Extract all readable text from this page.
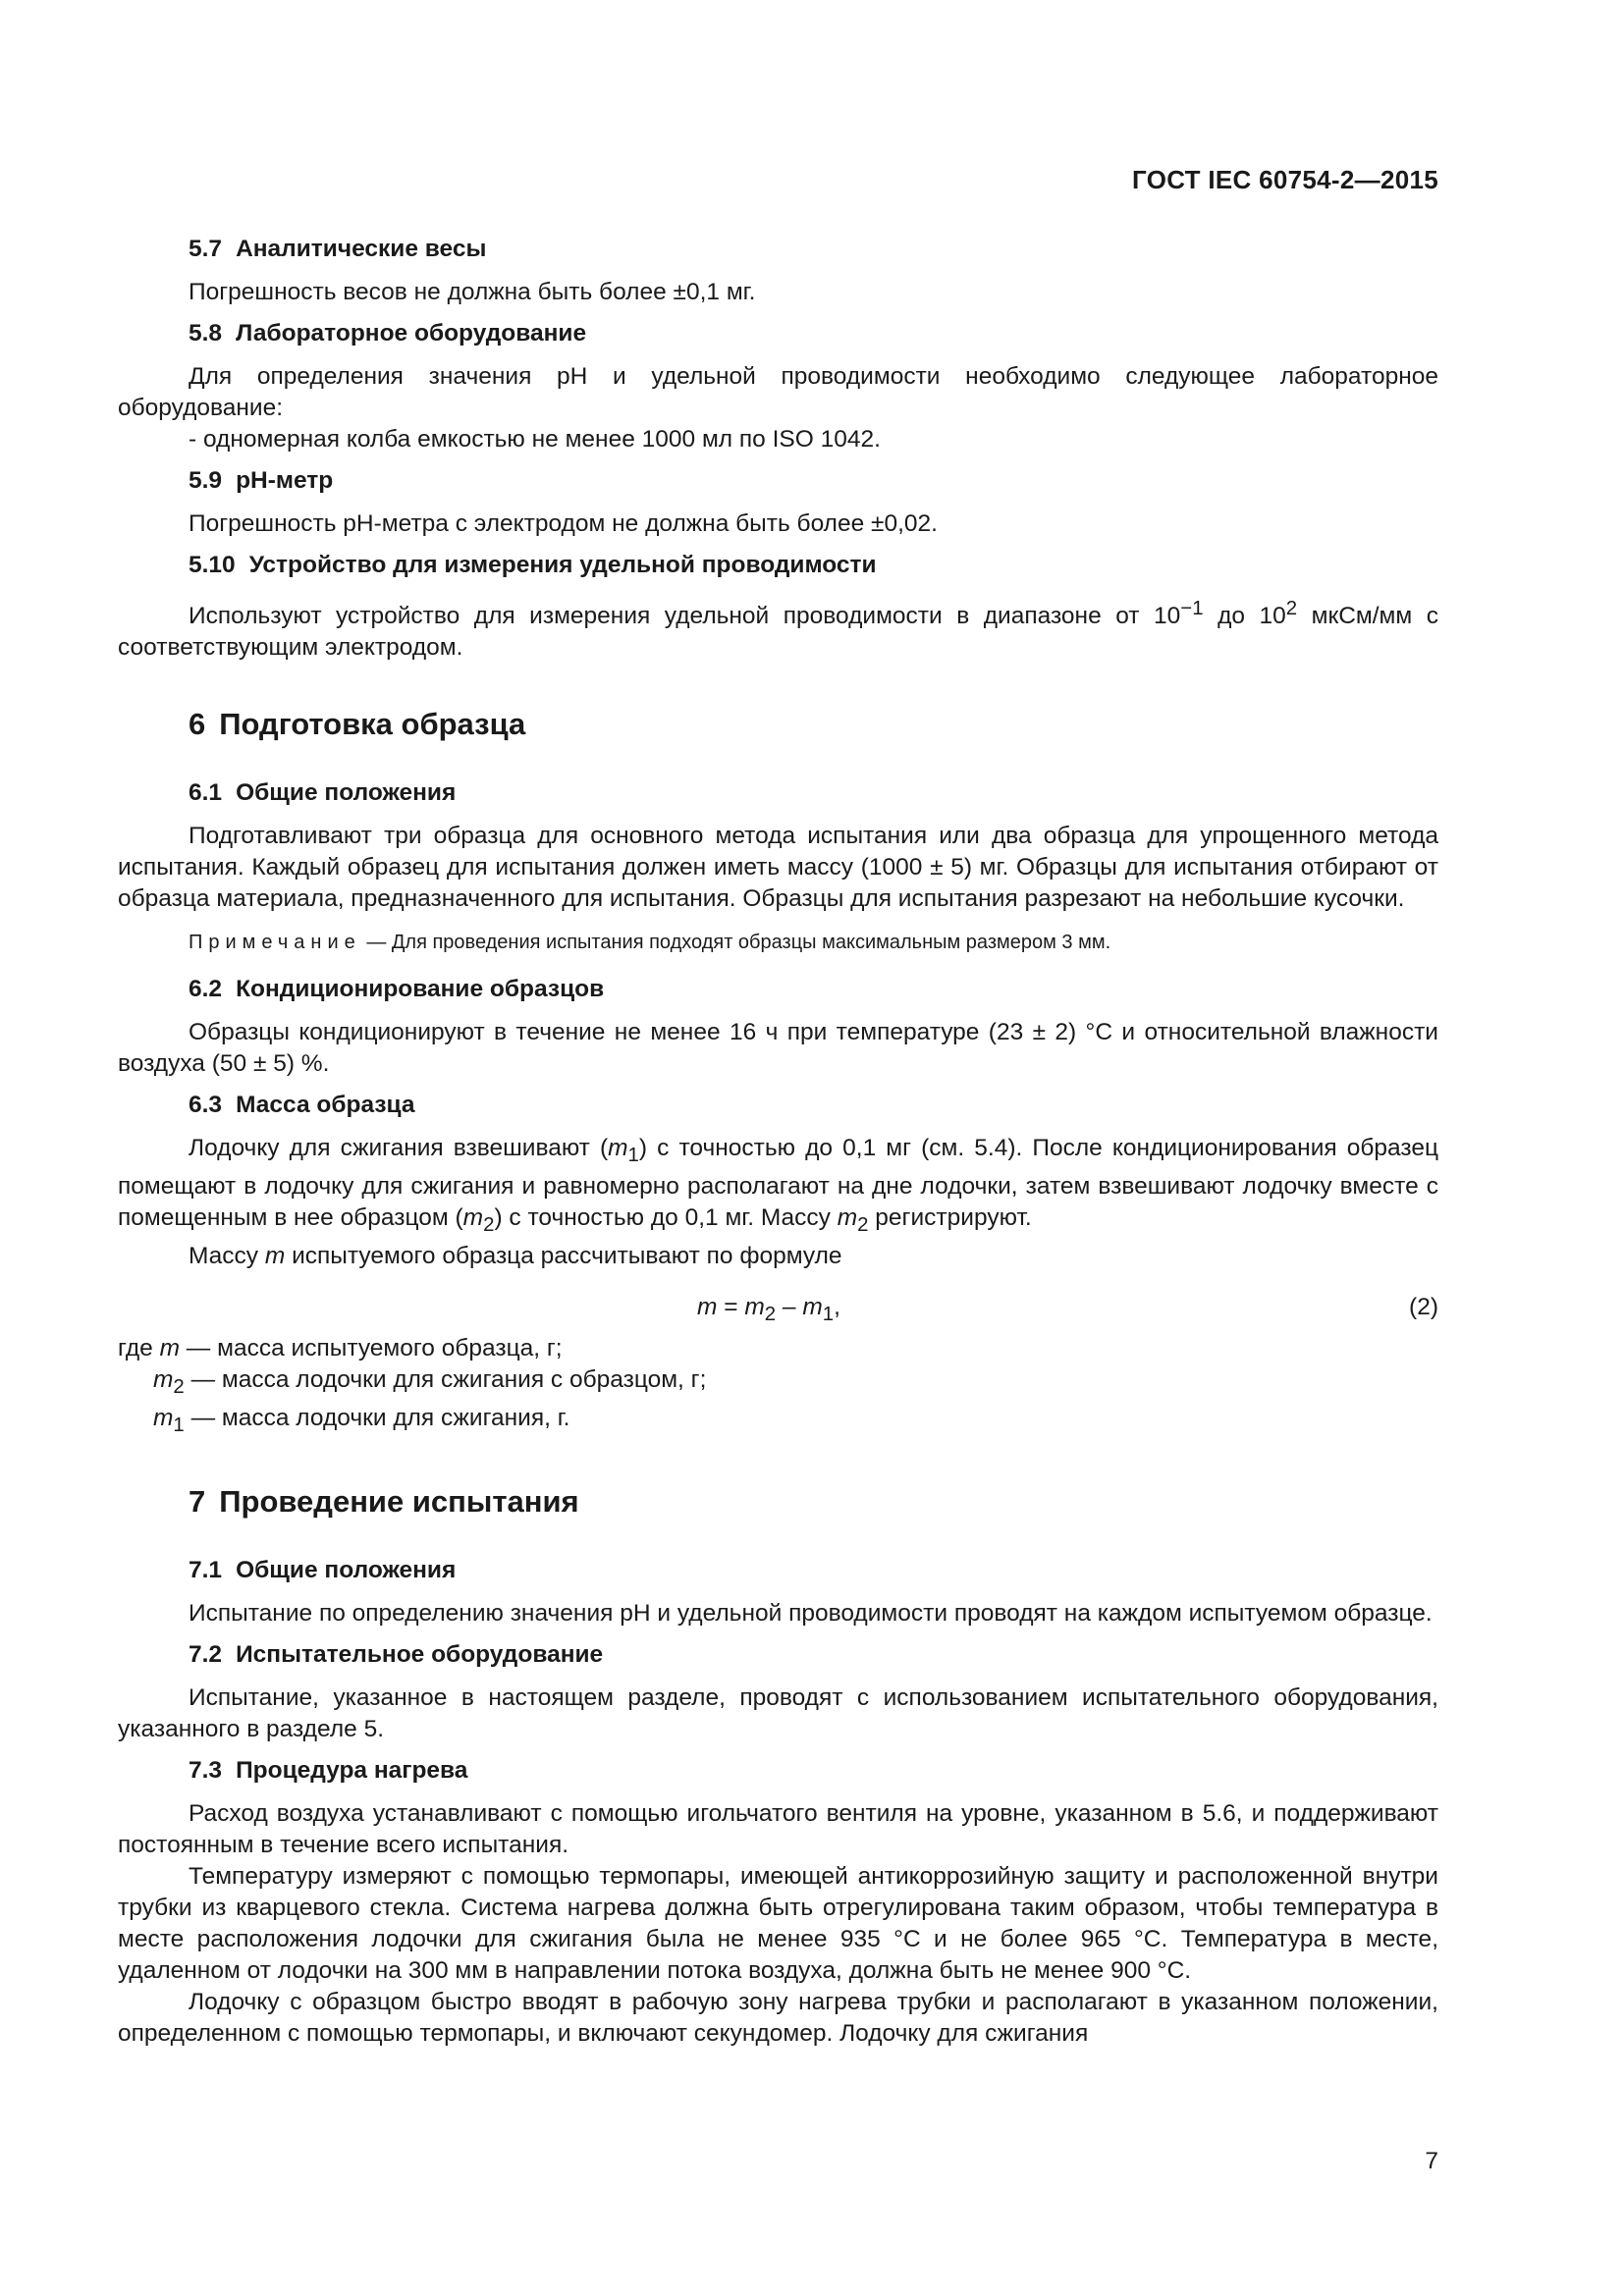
ГОСТ IEC 60754-2—2015
5.7 Аналитические весы

Погрешность весов не должна быть более ±0,1 мг.

5.8 Лабораторное оборудование

Для определения значения pH и удельной проводимости необходимо следующее лабораторное оборудование:

- одномерная колба емкостью не менее 1000 мл по ISO 1042.

5.9 pH-метр

Погрешность pH-метра с электродом не должна быть более ±0,02.

5.10 Устройство для измерения удельной проводимости

Используют устройство для измерения удельной проводимости в диапазоне от $10^{-1}$ до $10^2$ мкСм/мм с соответствующим электродом.

6 Подготовка образца
6.1 Общие положения

Подготавливают три образца для основного метода испытания или два образца для упрощенного метода испытания. Каждый образец для испытания должен иметь массу (1000 ± 5) мг. Образцы для испытания отбирают от образца материала, предназначенного для испытания. Образцы для испытания разрезают на небольшие кусочки.

Примечание — Для проведения испытания подходят образцы максимальным размером 3 мм.

6.2 Кондиционирование образцов

Образцы кондиционируют в течение не менее 16 ч при температуре (23 ± 2) °С и относительной влажности воздуха (50 ± 5) %.

6.3 Масса образца

Лодочку для сжигания взвешивают $(m_1)$ с точностью до 0,1 мг (см. 5.4). После кондиционирования образец помещают в лодочку для сжигания и равномерно располагают на дне лодочки, затем взвешивают лодочку вместе с помещенным в нее образцом $(m_2)$ с точностью до 0,1 мг. Массу $m_2$ регистрируют.

Массу m испытуемого образца рассчитывают по формуле

$m = m_2 - m_1$,	(2)

где m — масса испытуемого образца, г;

$m_2$ — масса лодочки для сжигания с образцом, г;

$m_1$ — масса лодочки для сжигания, г.

7 Проведение испытания
7.1 Общие положения

Испытание по определению значения pH и удельной проводимости проводят на каждом испытуемом образце.

7.2 Испытательное оборудование

Испытание, указанное в настоящем разделе, проводят с использованием испытательного оборудования, указанного в разделе 5.

7.3 Процедура нагрева

Расход воздуха устанавливают с помощью игольчатого вентиля на уровне, указанном в 5.6, и поддерживают постоянным в течение всего испытания.

Температуру измеряют с помощью термопары, имеющей антикоррозийную защиту и расположенной внутри трубки из кварцевого стекла. Система нагрева должна быть отрегулирована таким образом, чтобы температура в месте расположения лодочки для сжигания была не менее 935 °С и не более 965 °С. Температура в месте, удаленном от лодочки на 300 мм в направлении потока воздуха, должна быть не менее 900 °С.

Лодочку с образцом быстро вводят в рабочую зону нагрева трубки и располагают в указанном положении, определенном с помощью термопары, и включают секундомер. Лодочку для сжигания

7
